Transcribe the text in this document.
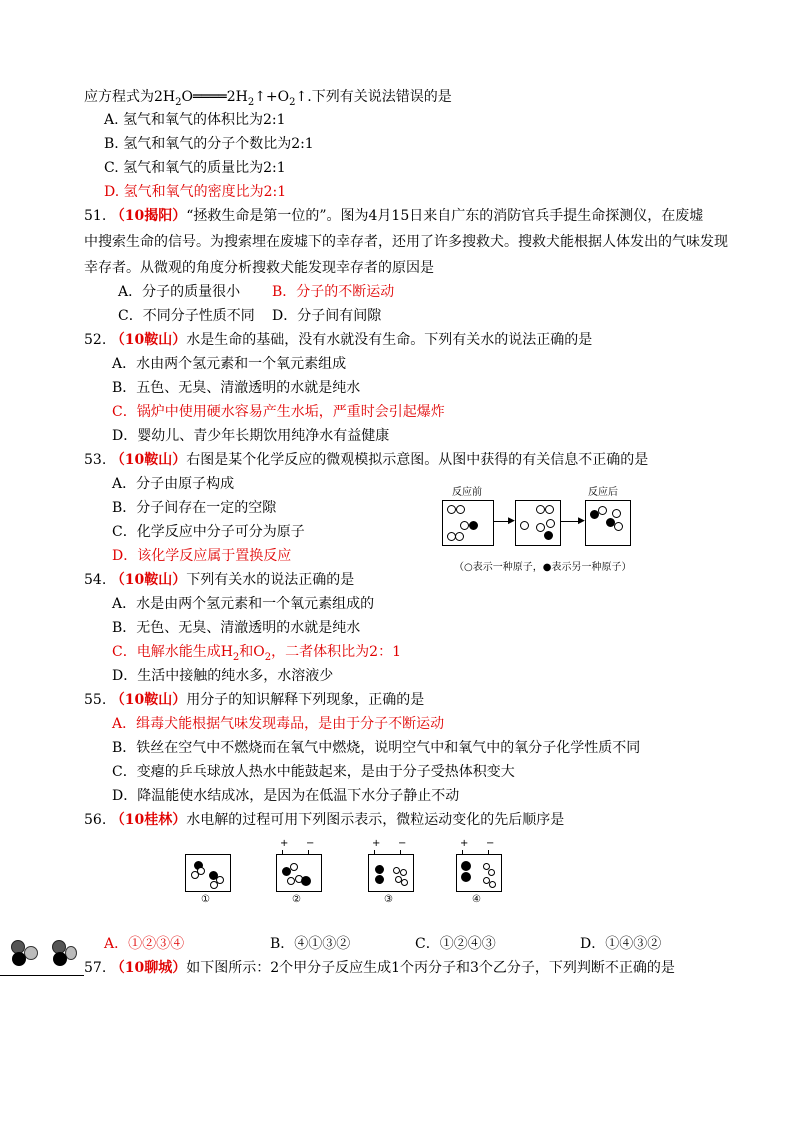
应方程式为$2H_2O════2H_2↑+O_2↑$.下列有关说法错误的是
A. 氢气和氧气的体积比为2:1
B. 氢气和氧气的分子个数比为2:1
C. 氢气和氧气的质量比为2:1
D. 氢气和氧气的密度比为2:1
51. （10揭阳）“拯救生命是第一位的”。图为4月15日来自广东的消防官兵手提生命探测仪，在废墟
中搜索生命的信号。为搜索埋在废墟下的幸存者，还用了许多搜救犬。搜救犬能根据人体发出的气味发现
幸存者。从微观的角度分析搜救犬能发现幸存者的原因是
A．分子的质量很小 B．分子的不断运动
C．不同分子性质不同 D．分子间有间隙
52. （10鞍山）水是生命的基础，没有水就没有生命。下列有关水的说法正确的是
A．水由两个氢元素和一个氧元素组成
B．五色、无臭、清澈透明的水就是纯水
C．锅炉中使用硬水容易产生水垢，严重时会引起爆炸
D．婴幼儿、青少年长期饮用纯净水有益健康
53. （10鞍山）右图是某个化学反应的微观模拟示意图。从图中获得的有关信息不正确的是
A．分子由原子构成
B．分子间存在一定的空隙
C．化学反应中分子可分为原子
D．该化学反应属于置换反应
反应前	反应后
▶	▶
（○表示一种原子，●表示另一种原子）
54. （10鞍山）下列有关水的说法正确的是
A．水是由两个氢元素和一个氧元素组成的
B．无色、无臭、清澈透明的水就是纯水
C．电解水能生成$H_2$和$O_2$，二者体积比为2：1
D．生活中接触的纯水多，水溶液少
55. （10鞍山）用分子的知识解释下列现象，正确的是
A．缉毒犬能根据气味发现毒品，是由于分子不断运动
B．铁丝在空气中不燃烧而在氧气中燃烧，说明空气中和氧气中的氧分子化学性质不同
C．变瘪的乒乓球放人热水中能鼓起来，是由于分子受热体积变大
D．降温能使水结成冰，是因为在低温下水分子静止不动
56. （10桂林）水电解的过程可用下列图示表示，微粒运动变化的先后顺序是
①
+ −
②
+ −
③
+ −
④
A．①②③④	B．④①③②	C．①②④③	D．①④③②
57. （10聊城）如下图所示：2个甲分子反应生成1个丙分子和3个乙分子，下列判断不正确的是
